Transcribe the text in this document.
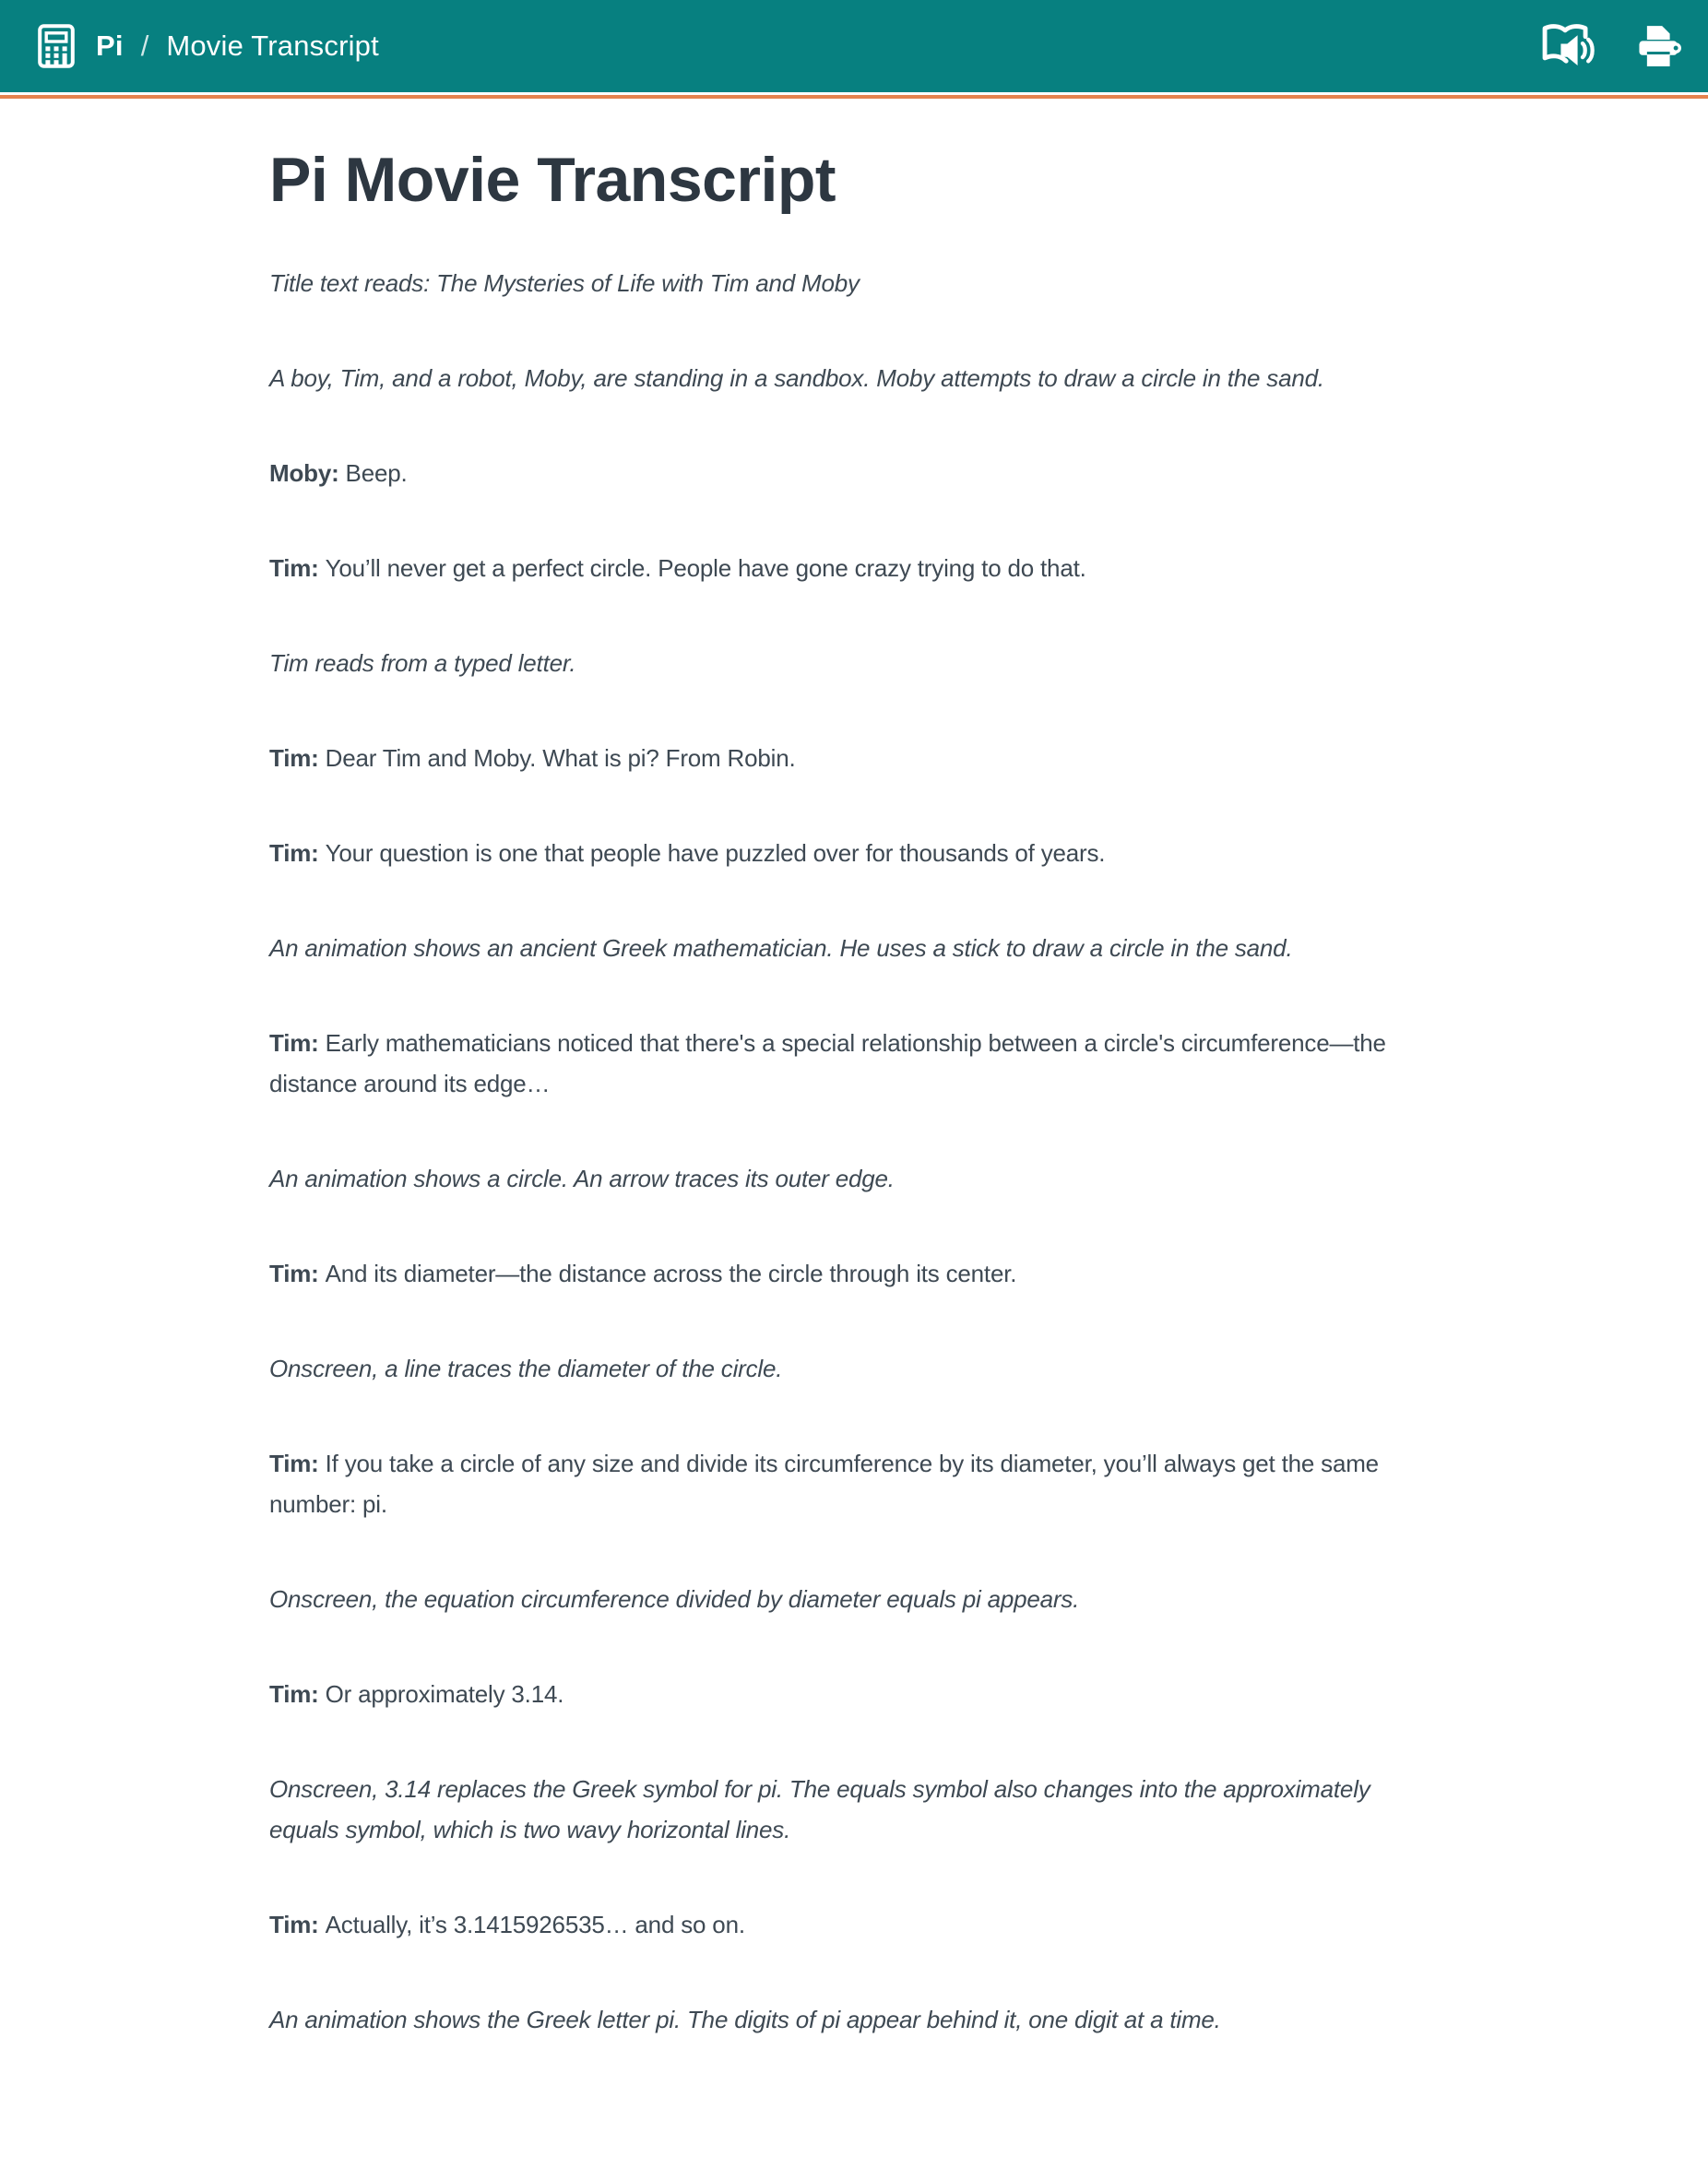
Pi / Movie Transcript
Pi Movie Transcript

Title text reads: The Mysteries of Life with Tim and Moby

A boy, Tim, and a robot, Moby, are standing in a sandbox. Moby attempts to draw a circle in the sand.

Moby: Beep.

Tim: You’ll never get a perfect circle. People have gone crazy trying to do that.

Tim reads from a typed letter.

Tim: Dear Tim and Moby. What is pi? From Robin.

Tim: Your question is one that people have puzzled over for thousands of years.

An animation shows an ancient Greek mathematician. He uses a stick to draw a circle in the sand.

Tim: Early mathematicians noticed that there's a special relationship between a circle's circumference—the distance around its edge…

An animation shows a circle. An arrow traces its outer edge.

Tim: And its diameter—the distance across the circle through its center.

Onscreen, a line traces the diameter of the circle.

Tim: If you take a circle of any size and divide its circumference by its diameter, you’ll always get the same number: pi.

Onscreen, the equation circumference divided by diameter equals pi appears.

Tim: Or approximately 3.14.

Onscreen, 3.14 replaces the Greek symbol for pi. The equals symbol also changes into the approximately equals symbol, which is two wavy horizontal lines.

Tim: Actually, it’s 3.1415926535… and so on.

An animation shows the Greek letter pi. The digits of pi appear behind it, one digit at a time.
